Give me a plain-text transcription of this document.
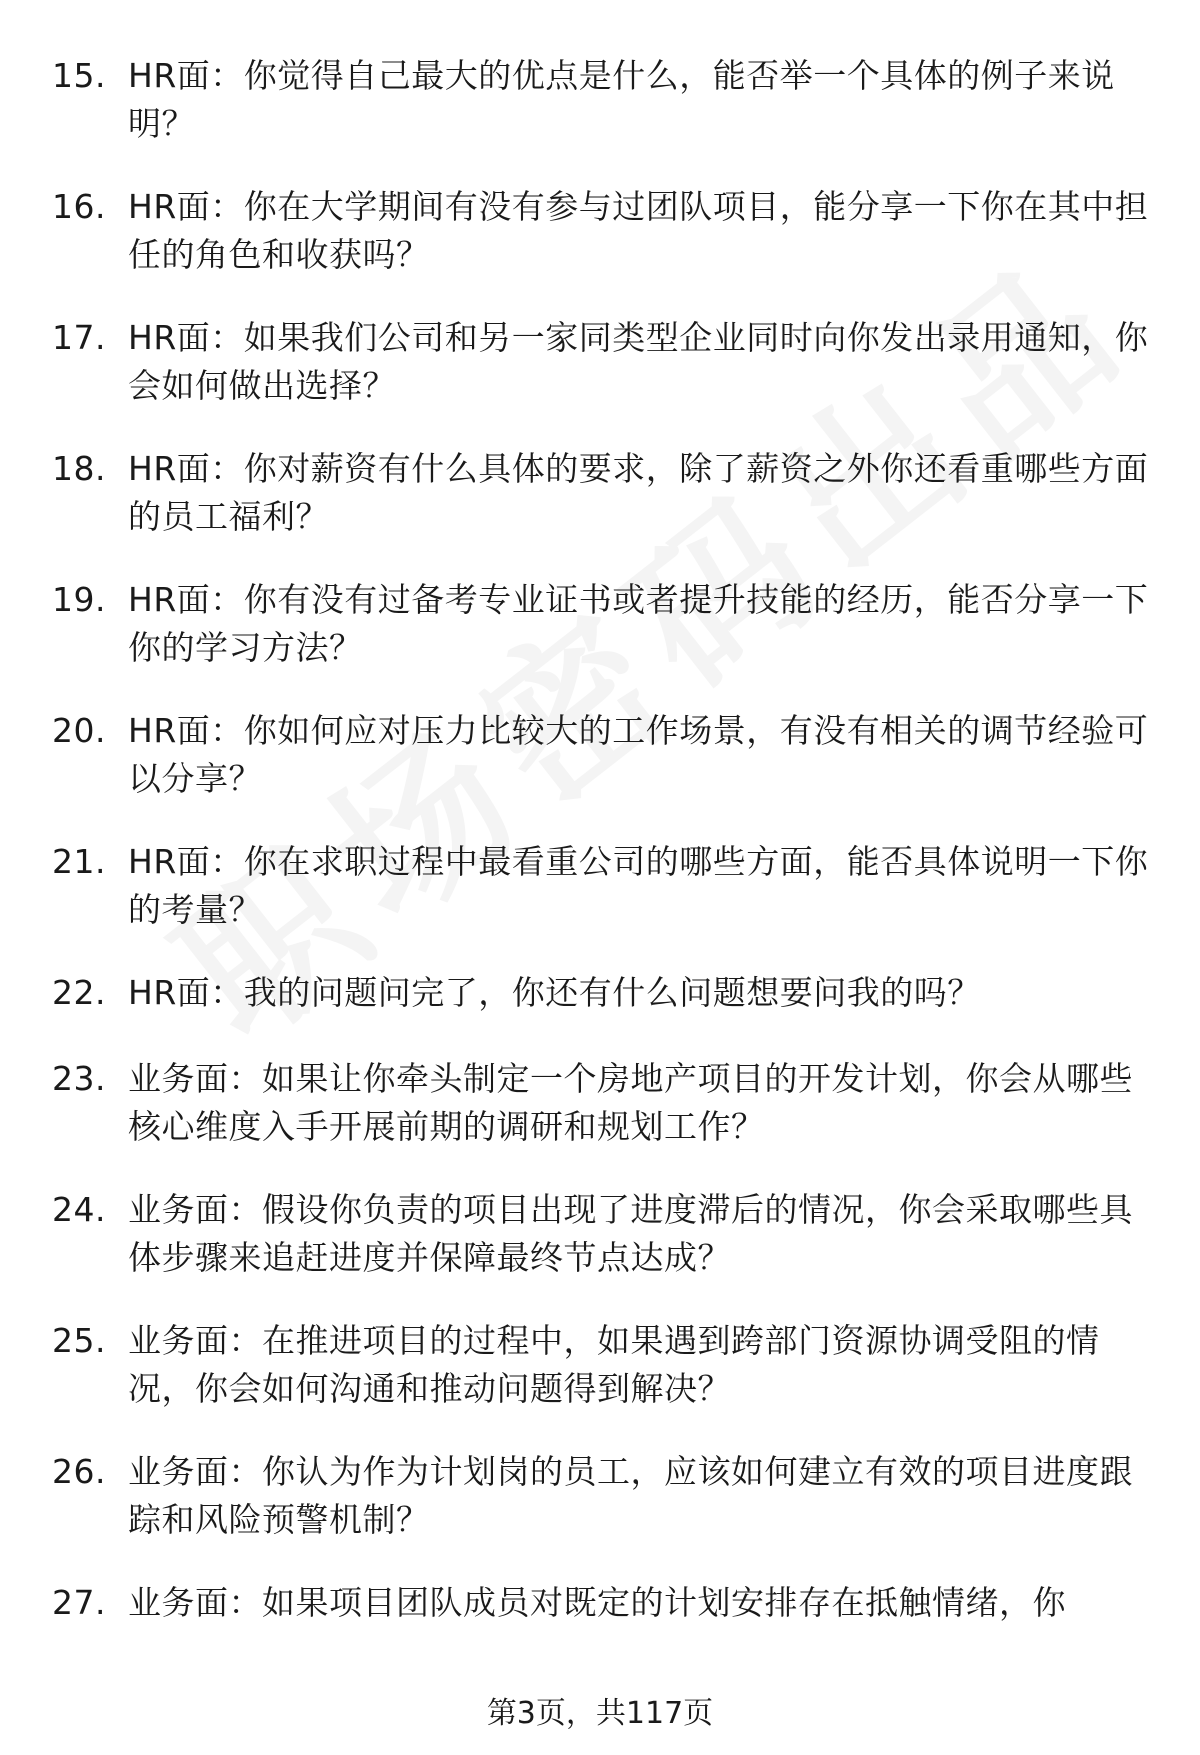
15. HR面：你觉得自己最大的优点是什么，能否举一个具体的例子来说明？
16. HR面：你在大学期间有没有参与过团队项目，能分享一下你在其中担任的角色和收获吗？
17. HR面：如果我们公司和另一家同类型企业同时向你发出录用通知，你会如何做出选择？
18. HR面：你对薪资有什么具体的要求，除了薪资之外你还看重哪些方面的员工福利？
19. HR面：你有没有过备考专业证书或者提升技能的经历，能否分享一下你的学习方法？
20. HR面：你如何应对压力比较大的工作场景，有没有相关的调节经验可以分享？
21. HR面：你在求职过程中最看重公司的哪些方面，能否具体说明一下你的考量？
22. HR面：我的问题问完了，你还有什么问题想要问我的吗？
23. 业务面：如果让你牵头制定一个房地产项目的开发计划，你会从哪些核心维度入手开展前期的调研和规划工作？
24. 业务面：假设你负责的项目出现了进度滞后的情况，你会采取哪些具体步骤来追赶进度并保障最终节点达成？
25. 业务面：在推进项目的过程中，如果遇到跨部门资源协调受阻的情况，你会如何沟通和推动问题得到解决？
26. 业务面：你认为作为计划岗的员工，应该如何建立有效的项目进度跟踪和风险预警机制？
27. 业务面：如果项目团队成员对既定的计划安排存在抵触情绪，你
第3页，共117页
